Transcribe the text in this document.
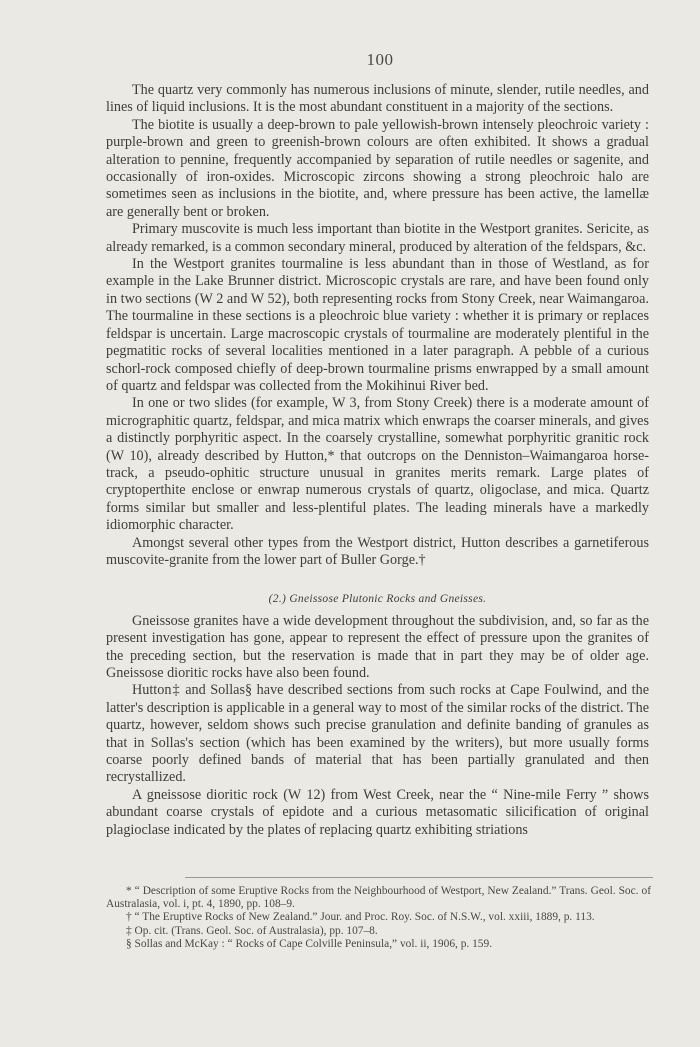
100

The quartz very commonly has numerous inclusions of minute, slender, rutile needles, and lines of liquid inclusions. It is the most abundant constituent in a majority of the sections.

The biotite is usually a deep-brown to pale yellowish-brown intensely pleochroic variety : purple-brown and green to greenish-brown colours are often exhibited. It shows a gradual alteration to pennine, frequently accompanied by separation of rutile needles or sagenite, and occasionally of iron-oxides. Microscopic zircons showing a strong pleochroic halo are sometimes seen as inclusions in the biotite, and, where pressure has been active, the lamellæ are generally bent or broken.

Primary muscovite is much less important than biotite in the Westport granites. Sericite, as already remarked, is a common secondary mineral, produced by alteration of the feldspars, &c.

In the Westport granites tourmaline is less abundant than in those of Westland, as for example in the Lake Brunner district. Microscopic crystals are rare, and have been found only in two sections (W 2 and W 52), both representing rocks from Stony Creek, near Waimangaroa. The tourmaline in these sections is a pleochroic blue variety : whether it is primary or replaces feldspar is uncertain. Large macroscopic crystals of tourmaline are moderately plentiful in the pegmatitic rocks of several localities mentioned in a later paragraph. A pebble of a curious schorl-rock composed chiefly of deep-brown tourmaline prisms enwrapped by a small amount of quartz and feldspar was collected from the Mokihinui River bed.

In one or two slides (for example, W 3, from Stony Creek) there is a moderate amount of micrographitic quartz, feldspar, and mica matrix which enwraps the coarser minerals, and gives a distinctly porphyritic aspect. In the coarsely crystalline, somewhat porphyritic granitic rock (W 10), already described by Hutton,* that outcrops on the Denniston–Waimangaroa horse-track, a pseudo-ophitic structure unusual in granites merits remark. Large plates of cryptoperthite enclose or enwrap numerous crystals of quartz, oligoclase, and mica. Quartz forms similar but smaller and less-plentiful plates. The leading minerals have a markedly idiomorphic character.

Amongst several other types from the Westport district, Hutton describes a garnetiferous muscovite-granite from the lower part of Buller Gorge.†

(2.) Gneissose Plutonic Rocks and Gneisses.

Gneissose granites have a wide development throughout the subdivision, and, so far as the present investigation has gone, appear to represent the effect of pressure upon the granites of the preceding section, but the reservation is made that in part they may be of older age. Gneissose dioritic rocks have also been found.

Hutton‡ and Sollas§ have described sections from such rocks at Cape Foulwind, and the latter's description is applicable in a general way to most of the similar rocks of the district. The quartz, however, seldom shows such precise granulation and definite banding of granules as that in Sollas's section (which has been examined by the writers), but more usually forms coarse poorly defined bands of material that has been partially granulated and then recrystallized.

A gneissose dioritic rock (W 12) from West Creek, near the “ Nine-mile Ferry ” shows abundant coarse crystals of epidote and a curious metasomatic silicification of original plagioclase indicated by the plates of replacing quartz exhibiting striations

* “ Description of some Eruptive Rocks from the Neighbourhood of Westport, New Zealand.” Trans. Geol. Soc. of Australasia, vol. i, pt. 4, 1890, pp. 108–9.

† “ The Eruptive Rocks of New Zealand.” Jour. and Proc. Roy. Soc. of N.S.W., vol. xxiii, 1889, p. 113.

‡ Op. cit. (Trans. Geol. Soc. of Australasia), pp. 107–8.

§ Sollas and McKay : “ Rocks of Cape Colville Peninsula,” vol. ii, 1906, p. 159.
